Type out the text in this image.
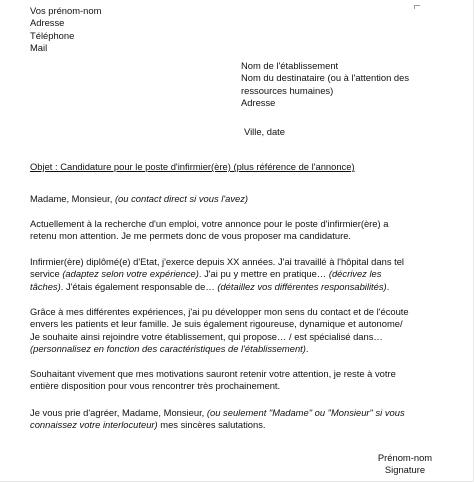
Vos prénom-nom
Adresse
Téléphone
Mail
Nom de l'établissement
Nom du destinataire (ou à l'attention des
ressources humaines)
Adresse
Ville, date
Objet : Candidature pour le poste d'infirmier(ère) (plus référence de l'annonce)
Madame, Monsieur, (ou contact direct si vous l'avez)
Actuellement à la recherche d'un emploi, votre annonce pour le poste d'infirmier(ère) a
retenu mon attention. Je me permets donc de vous proposer ma candidature.
Infirmier(ère) diplômé(e) d'Etat, j'exerce depuis XX années. J'ai travaillé à l'hôpital dans tel
service (adaptez selon votre expérience). J'ai pu y mettre en pratique… (décrivez les
tâches). J'étais également responsable de… (détaillez vos différentes responsabilités).
Grâce à mes différentes expériences, j'ai pu développer mon sens du contact et de l'écoute
envers les patients et leur famille. Je suis également rigoureuse, dynamique et autonome/
Je souhaite ainsi rejoindre votre établissement, qui propose… / est spécialisé dans…
(personnalisez en fonction des caractéristiques de l'établissement).
Souhaitant vivement que mes motivations sauront retenir votre attention, je reste à votre
entière disposition pour vous rencontrer très prochainement.
Je vous prie d'agréer, Madame, Monsieur, (ou seulement "Madame" ou "Monsieur" si vous
connaissez votre interlocuteur) mes sincères salutations.
Prénom-nom
Signature
